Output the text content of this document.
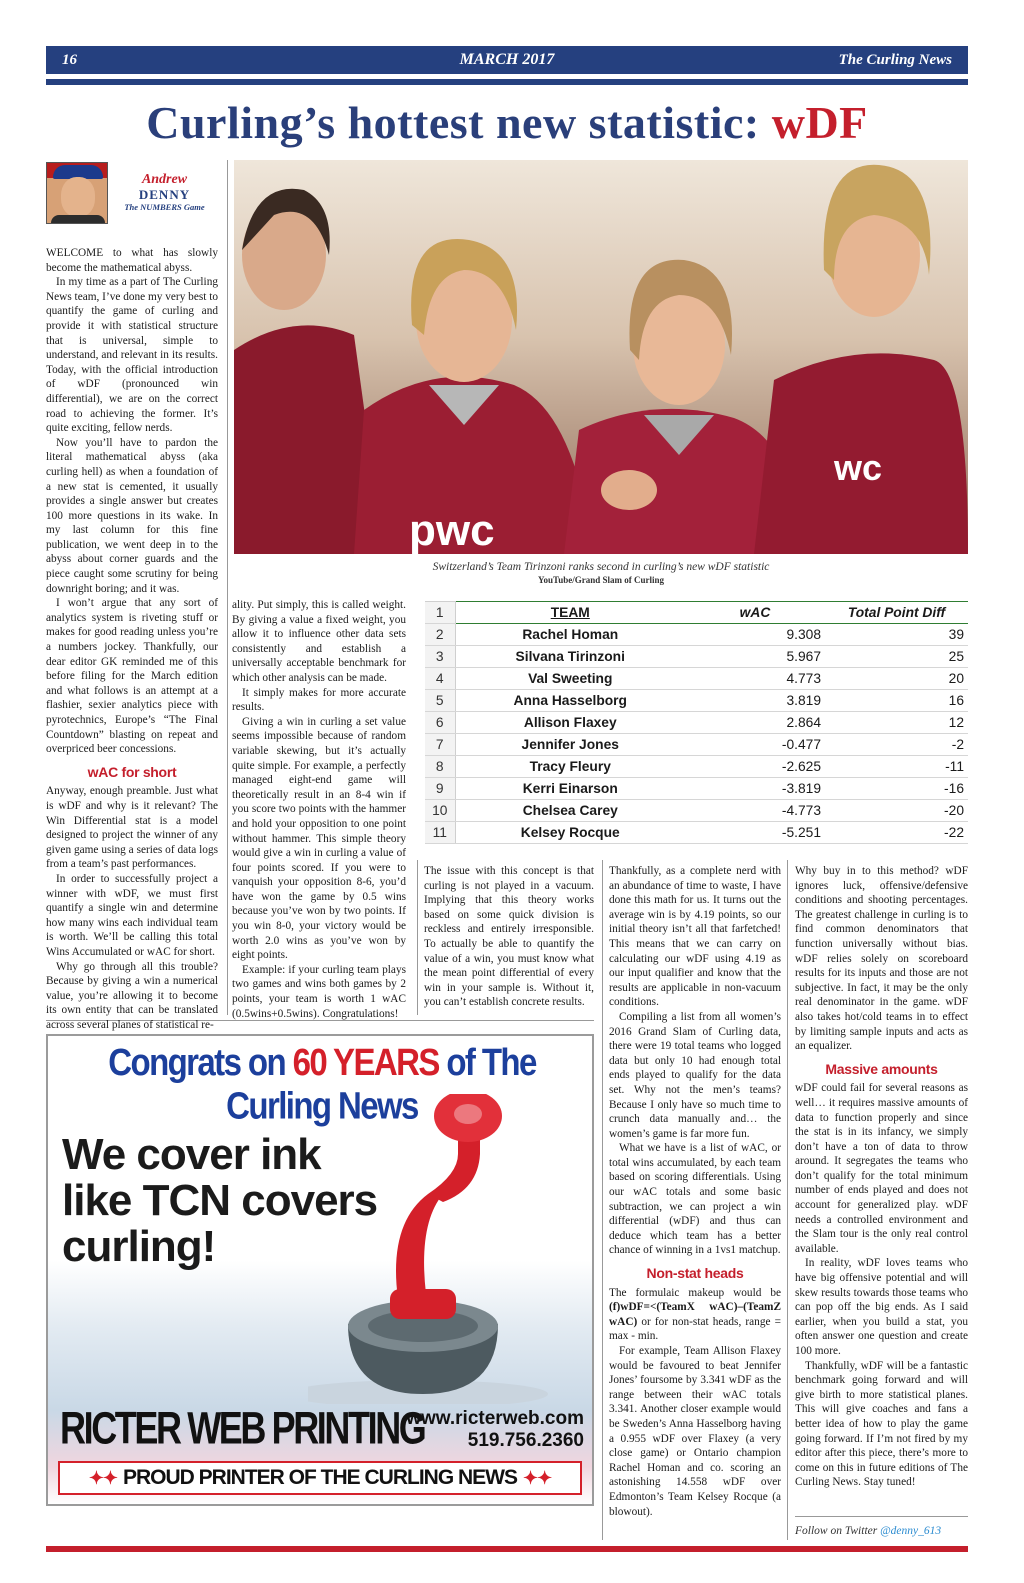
16	MARCH 2017	The Curling News
Curling’s hottest new statistic: wDF
Andrew
DENNY
The NUMBERS Game

WELCOME to what has slowly become the mathematical abyss.

In my time as a part of The Curling News team, I’ve done my very best to quantify the game of curling and provide it with statistical structure that is universal, simple to understand, and relevant in its results. Today, with the official introduction of wDF (pronounced win differential), we are on the correct road to achieving the former. It’s quite exciting, fellow nerds.

Now you’ll have to pardon the literal mathematical abyss (aka curling hell) as when a foundation of a new stat is cemented, it usually provides a single answer but creates 100 more questions in its wake. In my last column for this fine publication, we went deep in to the abyss about corner guards and the piece caught some scrutiny for being downright boring; and it was.

I won’t argue that any sort of analytics system is riveting stuff or makes for good reading unless you’re a numbers jockey. Thankfully, our dear editor GK reminded me of this before filing for the March edition and what follows is an attempt at a flashier, sexier analytics piece with pyrotechnics, Europe’s “The Final Countdown” blasting on repeat and overpriced beer concessions.

wAC for short

Anyway, enough preamble. Just what is wDF and why is it relevant? The Win Differential stat is a model designed to project the winner of any given game using a series of data logs from a team’s past performances.

In order to successfully project a winner with wDF, we must first quantify a single win and determine how many wins each individual team is worth. We’ll be calling this total Wins Accumulated or wAC for short.

Why go through all this trouble? Because by giving a win a numerical value, you’re allowing it to become its own entity that can be translated across several planes of statistical re-

pwc
wc
Switzerland’s Team Tirinzoni ranks second in curling’s new wDF statistic
YouTube/Grand Slam of Curling

ality. Put simply, this is called weight. By giving a value a fixed weight, you allow it to influence other data sets consistently and establish a universally acceptable benchmark for which other analysis can be made.

It simply makes for more accurate results.

Giving a win in curling a set value seems impossible because of random variable skewing, but it’s actually quite simple. For example, a perfectly managed eight-end game will theoretically result in an 8-4 win if you score two points with the hammer and hold your opposition to one point without hammer. This simple theory would give a win in curling a value of four points scored. If you were to vanquish your opposition 8-6, you’d have won the game by 0.5 wins because you’ve won by two points. If you win 8-0, your victory would be worth 2.0 wins as you’ve won by eight points.

Example: if your curling team plays two games and wins both games by 2 points, your team is worth 1 wAC (0.5wins+0.5wins). Congratulations!

1	TEAM	wAC	Total Point Diff
2	Rachel Homan	9.308	39
3	Silvana Tirinzoni	5.967	25
4	Val Sweeting	4.773	20
5	Anna Hasselborg	3.819	16
6	Allison Flaxey	2.864	12
7	Jennifer Jones	-0.477	-2
8	Tracy Fleury	-2.625	-11
9	Kerri Einarson	-3.819	-16
10	Chelsea Carey	-4.773	-20
11	Kelsey Rocque	-5.251	-22

The issue with this concept is that curling is not played in a vacuum. Implying that this theory works based on some quick division is reckless and entirely irresponsible. To actually be able to quantify the value of a win, you must know what the mean point differential of every win in your sample is. Without it, you can’t establish concrete results.

Thankfully, as a complete nerd with an abundance of time to waste, I have done this math for us. It turns out the average win is by 4.19 points, so our initial theory isn’t all that farfetched! This means that we can carry on calculating our wDF using 4.19 as our input qualifier and know that the results are applicable in non-vacuum conditions.

Compiling a list from all women’s 2016 Grand Slam of Curling data, there were 19 total teams who logged data but only 10 had enough total ends played to qualify for the data set. Why not the men’s teams? Because I only have so much time to crunch data manually and… the women’s game is far more fun.

What we have is a list of wAC, or total wins accumulated, by each team based on scoring differentials. Using our wAC totals and some basic subtraction, we can project a win differential (wDF) and thus can deduce which team has a better chance of winning in a 1vs1 matchup.

Non-stat heads

The formulaic makeup would be (f)wDF=<(TeamX wAC)–(TeamZ wAC) or for non-stat heads, range = max - min.

For example, Team Allison Flaxey would be favoured to beat Jennifer Jones’ foursome by 3.341 wDF as the range between their wAC totals 3.341. Another closer example would be Sweden’s Anna Hasselborg having a 0.955 wDF over Flaxey (a very close game) or Ontario champion Rachel Homan and co. scoring an astonishing 14.558 wDF over Edmonton’s Team Kelsey Rocque (a blowout).

Why buy in to this method? wDF ignores luck, offensive/defensive conditions and shooting percentages. The greatest challenge in curling is to find common denominators that function universally without bias. wDF relies solely on scoreboard results for its inputs and those are not subjective. In fact, it may be the only real denominator in the game. wDF also takes hot/cold teams in to effect by limiting sample inputs and acts as an equalizer.

Massive amounts

wDF could fail for several reasons as well… it requires massive amounts of data to function properly and since the stat is in its infancy, we simply don’t have a ton of data to throw around. It segregates the teams who don’t qualify for the total minimum number of ends played and does not account for generalized play. wDF needs a controlled environment and the Slam tour is the only real control available.

In reality, wDF loves teams who have big offensive potential and will skew results towards those teams who can pop off the big ends. As I said earlier, when you build a stat, you often answer one question and create 100 more.

Thankfully, wDF will be a fantastic benchmark going forward and will give birth to more statistical planes. This will give coaches and fans a better idea of how to play the game going forward. If I’m not fired by my editor after this piece, there’s more to come on this in future editions of The Curling News. Stay tuned!

Follow on Twitter @denny_613
Congrats on 60 YEARS of The Curling News
We cover ink
like TCN covers
curling!
RICTER WEB PRINTING
www.ricterweb.com
519.756.2360
✦✦ PROUD PRINTER OF THE CURLING NEWS ✦✦
